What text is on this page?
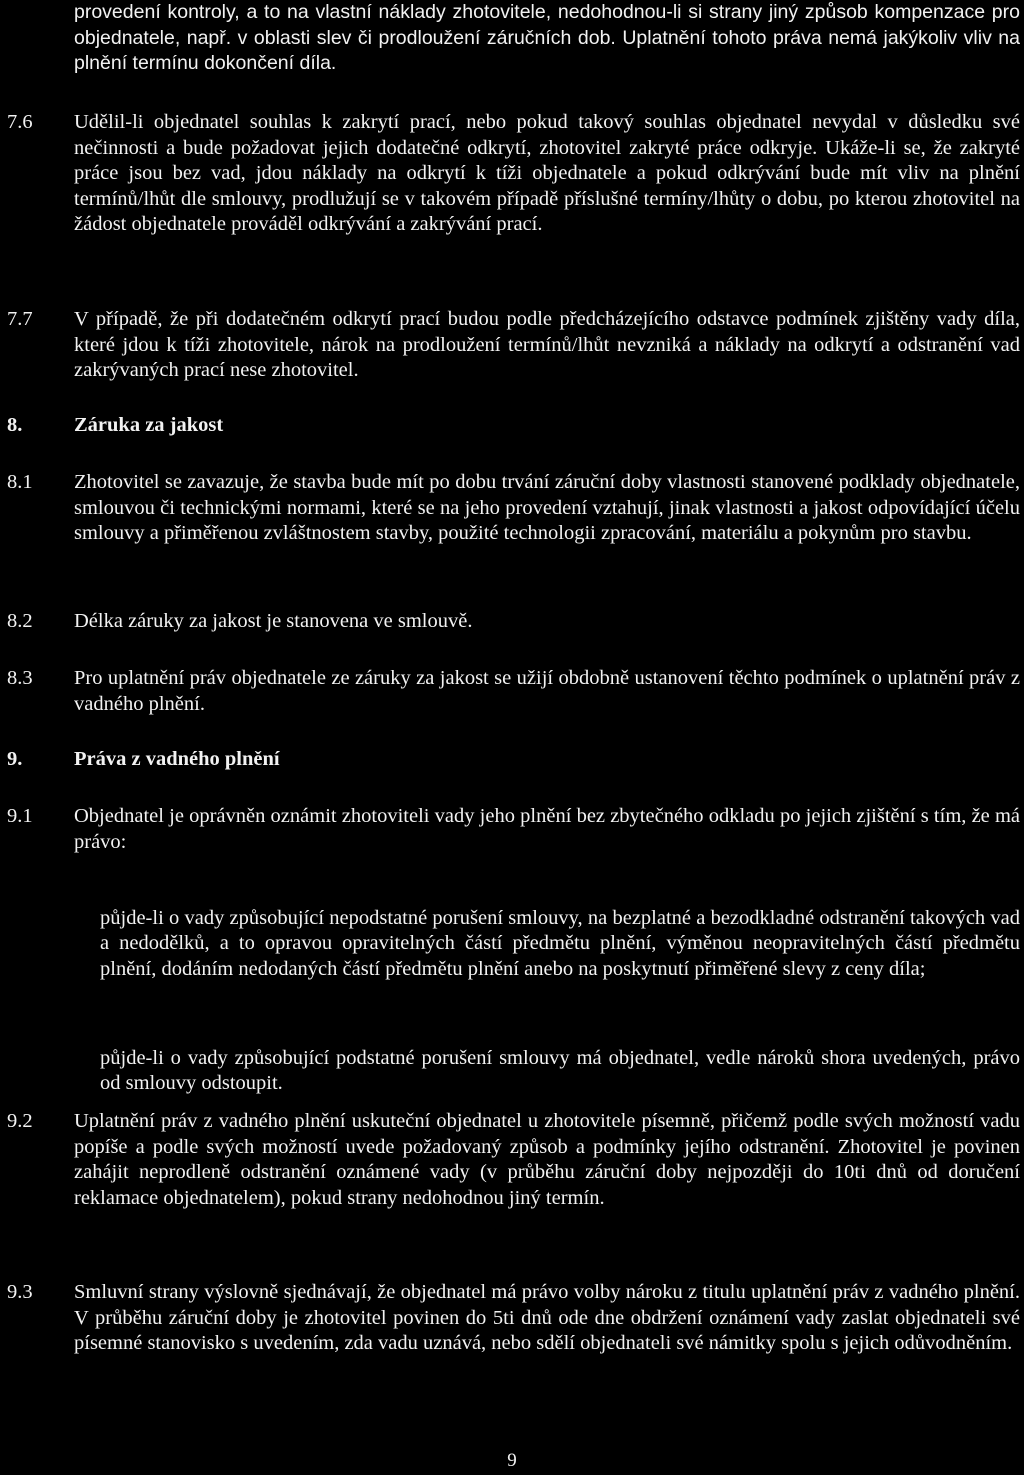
provedení kontroly, a to na vlastní náklady zhotovitele, nedohodnou-li si strany jiný způsob kompenzace pro objednatele, např. v oblasti slev či prodloužení záručních dob. Uplatnění tohoto práva nemá jakýkoliv vliv na plnění termínu dokončení díla.

7.6	Udělil-li objednatel souhlas k zakrytí prací, nebo pokud takový souhlas objednatel nevydal v důsledku své nečinnosti a bude požadovat jejich dodatečné odkrytí, zhotovitel zakryté práce odkryje. Ukáže-li se, že zakryté práce jsou bez vad, jdou náklady na odkrytí k tíži objednatele a pokud odkrývání bude mít vliv na plnění termínů/lhůt dle smlouvy, prodlužují se v takovém případě příslušné termíny/lhůty o dobu, po kterou zhotovitel na žádost objednatele prováděl odkrývání a zakrývání prací.

7.7	V případě, že při dodatečném odkrytí prací budou podle předcházejícího odstavce podmínek zjištěny vady díla, které jdou k tíži zhotovitele, nárok na prodloužení termínů/lhůt nevzniká a náklady na odkrytí a odstranění vad zakrývaných prací nese zhotovitel.

8.	Záruka za jakost
8.1	Zhotovitel se zavazuje, že stavba bude mít po dobu trvání záruční doby vlastnosti stanovené podklady objednatele, smlouvou či technickými normami, které se na jeho provedení vztahují, jinak vlastnosti a jakost odpovídající účelu smlouvy a přiměřenou zvláštnostem stavby, použité technologii zpracování, materiálu a pokynům pro stavbu.

8.2	Délka záruky za jakost je stanovena ve smlouvě.

8.3	Pro uplatnění práv objednatele ze záruky za jakost se užijí obdobně ustanovení těchto podmínek o uplatnění práv z vadného plnění.

9.	Práva z vadného plnění
9.1	Objednatel je oprávněn oznámit zhotoviteli vady jeho plnění bez zbytečného odkladu po jejich zjištění s tím, že má právo:

půjde-li o vady způsobující nepodstatné porušení smlouvy, na bezplatné a bezodkladné odstranění takových vad a nedodělků, a to opravou opravitelných částí předmětu plnění, výměnou neopravitelných částí předmětu plnění, dodáním nedodaných částí předmětu plnění anebo na poskytnutí přiměřené slevy z ceny díla;

půjde-li o vady způsobující podstatné porušení smlouvy má objednatel, vedle nároků shora uvedených, právo od smlouvy odstoupit.

9.2	Uplatnění práv z vadného plnění uskuteční objednatel u zhotovitele písemně, přičemž podle svých možností vadu popíše a podle svých možností uvede požadovaný způsob a podmínky jejího odstranění. Zhotovitel je povinen zahájit neprodleně odstranění oznámené vady (v průběhu záruční doby nejpozději do 10ti dnů od doručení reklamace objednatelem), pokud strany nedohodnou jiný termín.

9.3	Smluvní strany výslovně sjednávají, že objednatel má právo volby nároku z titulu uplatnění práv z vadného plnění. V průběhu záruční doby je zhotovitel povinen do 5ti dnů ode dne obdržení oznámení vady zaslat objednateli své písemné stanovisko s uvedením, zda vadu uznává, nebo sdělí objednateli své námitky spolu s jejich odůvodněním.

9
